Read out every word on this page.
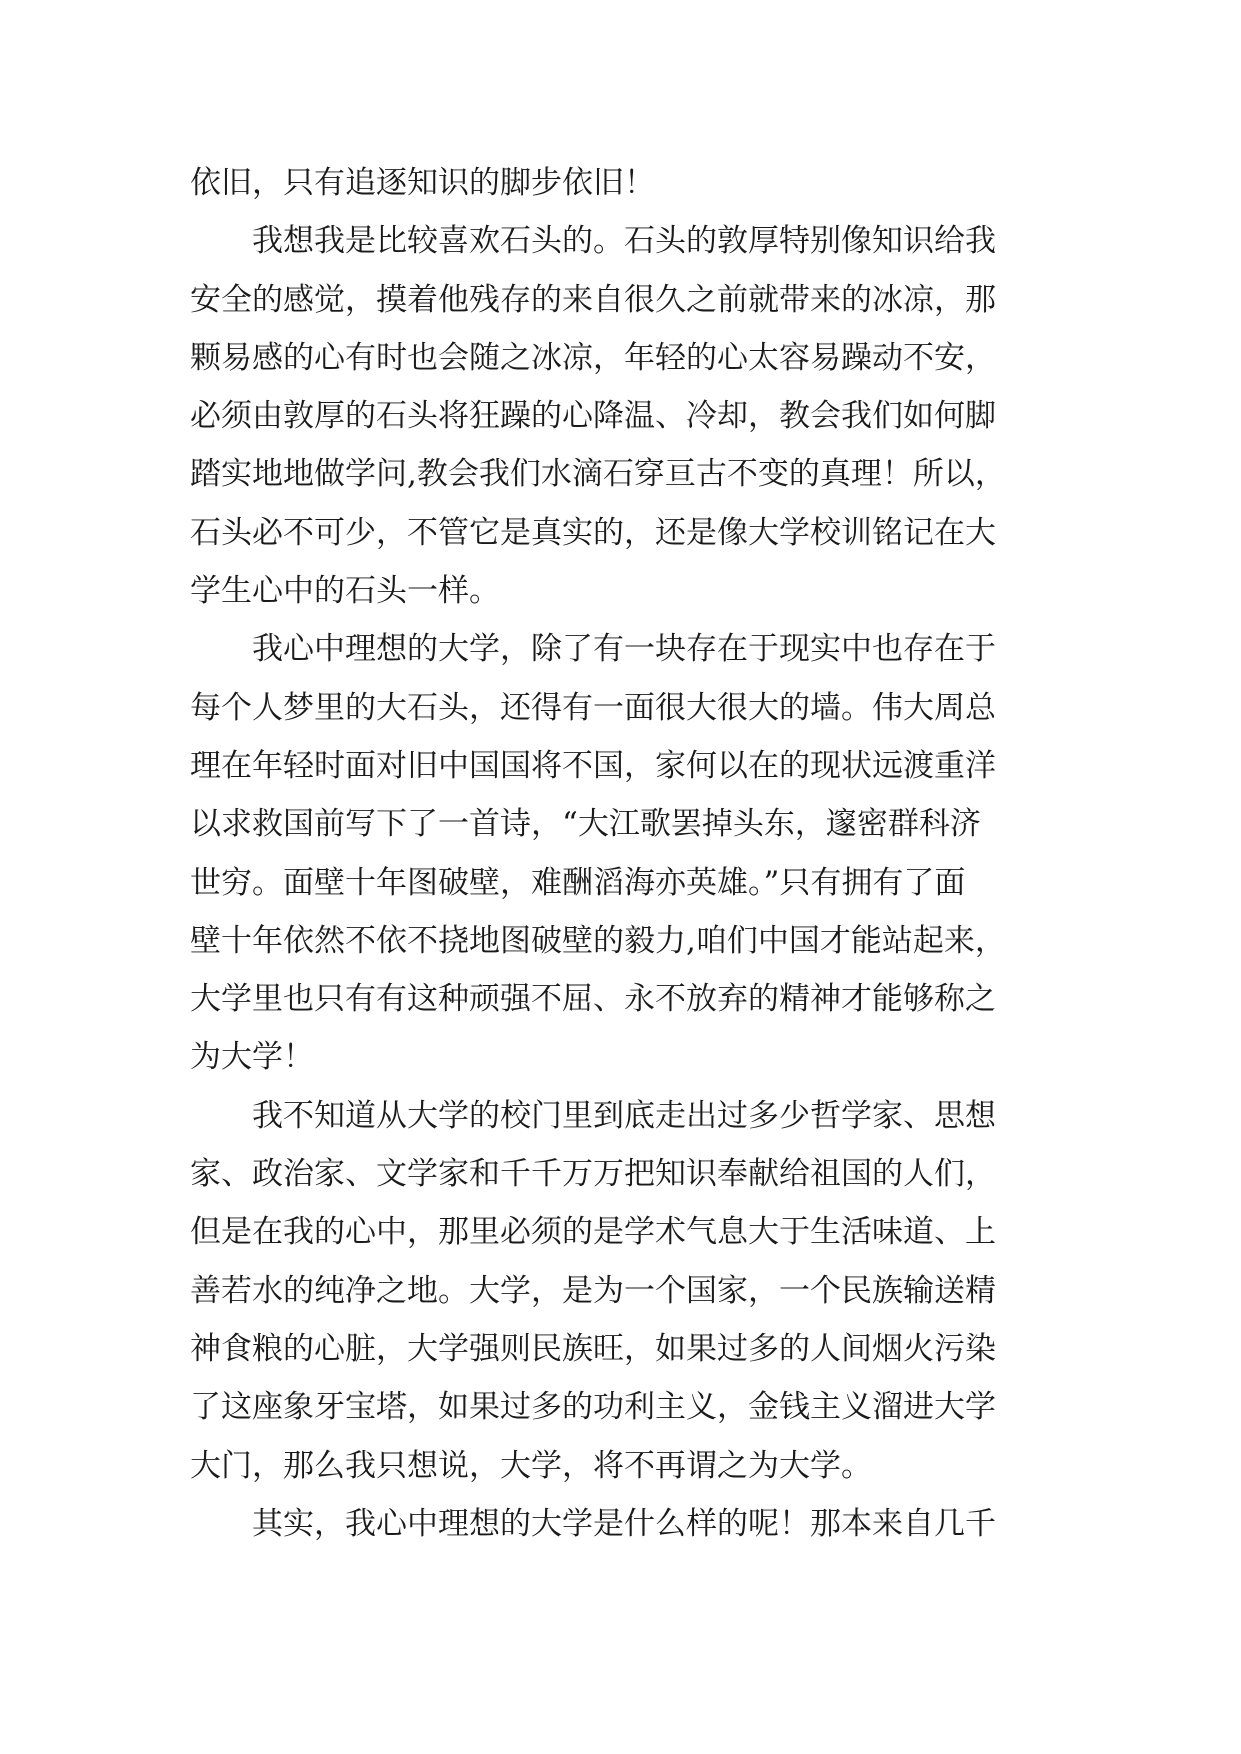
依旧，只有追逐知识的脚步依旧！
　　我想我是比较喜欢石头的。石头的敦厚特别像知识给我
安全的感觉，摸着他残存的来自很久之前就带来的冰凉，那
颗易感的心有时也会随之冰凉，年轻的心太容易躁动不安，
必须由敦厚的石头将狂躁的心降温、冷却，教会我们如何脚
踏实地地做学问,教会我们水滴石穿亘古不变的真理！所以，
石头必不可少，不管它是真实的，还是像大学校训铭记在大
学生心中的石头一样。
　　我心中理想的大学，除了有一块存在于现实中也存在于
每个人梦里的大石头，还得有一面很大很大的墙。伟大周总
理在年轻时面对旧中国国将不国，家何以在的现状远渡重洋
以求救国前写下了一首诗，“大江歌罢掉头东，邃密群科济
世穷。面壁十年图破壁，难酬滔海亦英雄。”只有拥有了面
壁十年依然不依不挠地图破壁的毅力,咱们中国才能站起来，
大学里也只有有这种顽强不屈、永不放弃的精神才能够称之
为大学！
　　我不知道从大学的校门里到底走出过多少哲学家、思想
家、政治家、文学家和千千万万把知识奉献给祖国的人们，
但是在我的心中，那里必须的是学术气息大于生活味道、上
善若水的纯净之地。大学，是为一个国家，一个民族输送精
神食粮的心脏，大学强则民族旺，如果过多的人间烟火污染
了这座象牙宝塔，如果过多的功利主义，金钱主义溜进大学
大门，那么我只想说，大学，将不再谓之为大学。
　　其实，我心中理想的大学是什么样的呢！那本来自几千
